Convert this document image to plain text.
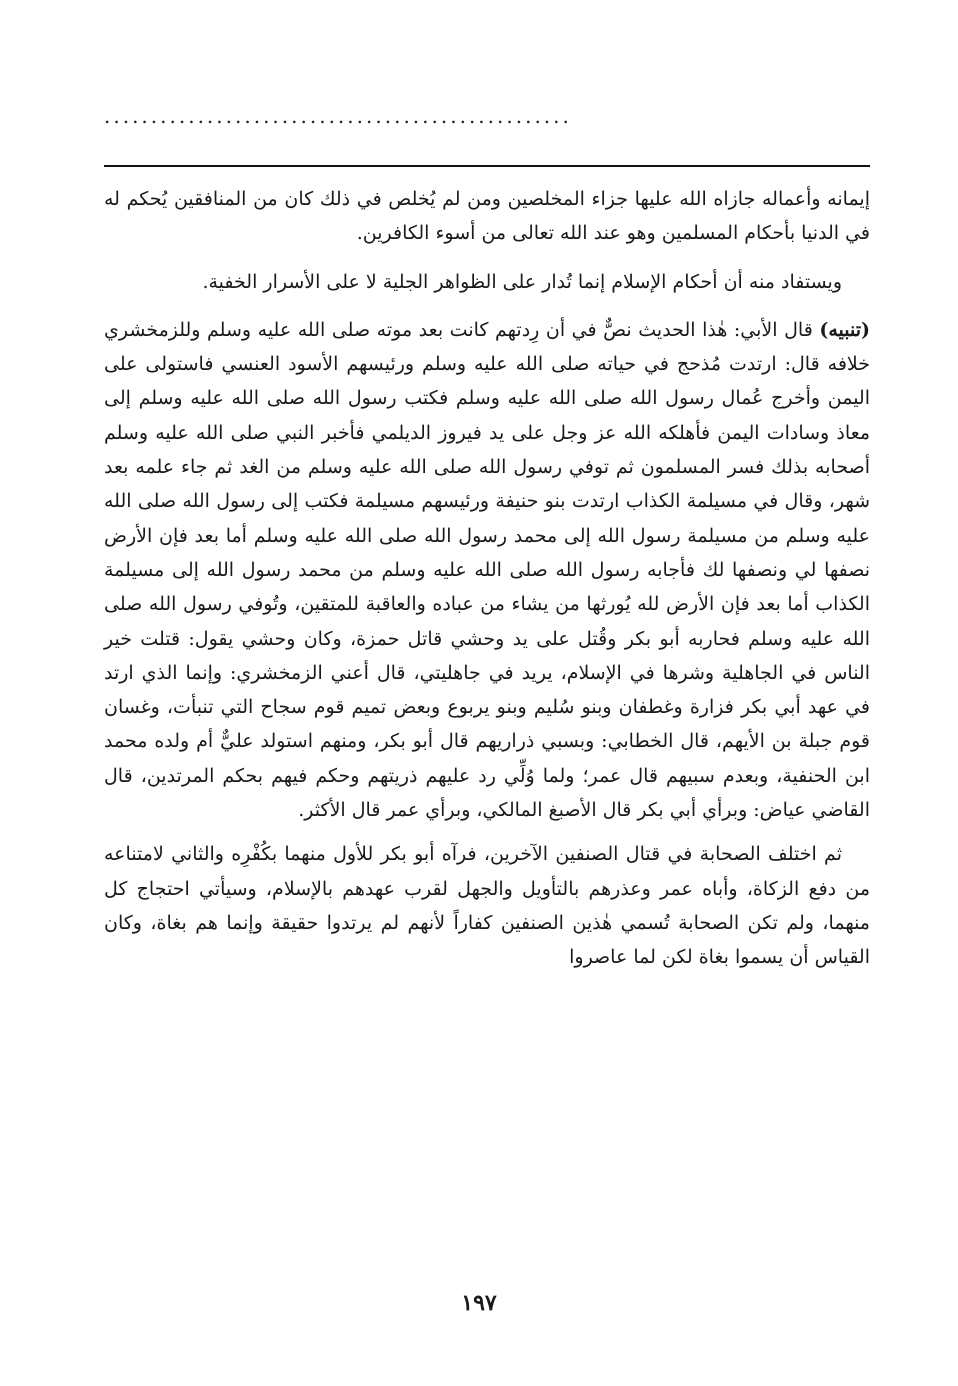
..................................................

إيمانه وأعماله جازاه الله عليها جزاء المخلصين ومن لم يُخلص في ذلك كان من المنافقين يُحكم له في الدنيا بأحكام المسلمين وهو عند الله تعالى من أسوء الكافرين.

ويستفاد منه أن أحكام الإسلام إنما تُدار على الظواهر الجلية لا على الأسرار الخفية.

(تنبيه) قال الأبي: هٰذا الحديث نصٌّ في أن رِدتهم كانت بعد موته صلى الله عليه وسلم وللزمخشري خلافه قال: ارتدت مُذحج في حياته صلى الله عليه وسلم ورئيسهم الأسود العنسي فاستولى على اليمن وأخرج عُمال رسول الله صلى الله عليه وسلم فكتب رسول الله صلى الله عليه وسلم إلى معاذ وسادات اليمن فأهلكه الله عز وجل على يد فيروز الديلمي فأخبر النبي صلى الله عليه وسلم أصحابه بذلك فسر المسلمون ثم توفي رسول الله صلى الله عليه وسلم من الغد ثم جاء علمه بعد شهر، وقال في مسيلمة الكذاب ارتدت بنو حنيفة ورئيسهم مسيلمة فكتب إلى رسول الله صلى الله عليه وسلم من مسيلمة رسول الله إلى محمد رسول الله صلى الله عليه وسلم أما بعد فإن الأرض نصفها لي ونصفها لك فأجابه رسول الله صلى الله عليه وسلم من محمد رسول الله إلى مسيلمة الكذاب أما بعد فإن الأرض لله يُورثها من يشاء من عباده والعاقبة للمتقين، وتُوفي رسول الله صلى الله عليه وسلم فحاربه أبو بكر وقُتل على يد وحشي قاتل حمزة، وكان وحشي يقول: قتلت خير الناس في الجاهلية وشرها في الإسلام، يريد في جاهليتي، قال أعني الزمخشري: وإنما الذي ارتد في عهد أبي بكر فزارة وغطفان وبنو سُليم وبنو يربوع وبعض تميم قوم سجاح التي تنبأت، وغسان قوم جبلة بن الأيهم، قال الخطابي: وبسبي ذراريهم قال أبو بكر، ومنهم استولد عليٌّ أم ولده محمد ابن الحنفية، وبعدم سبيهم قال عمر؛ ولما وُلِّي رد عليهم ذريتهم وحكم فيهم بحكم المرتدين، قال القاضي عياض: وبرأي أبي بكر قال الأصبغ المالكي، وبرأي عمر قال الأكثر.

ثم اختلف الصحابة في قتال الصنفين الآخرين، فرآه أبو بكر للأول منهما بكُفْرِه والثاني لامتناعه من دفع الزكاة، وأباه عمر وعذرهم بالتأويل والجهل لقرب عهدهم بالإسلام، وسيأتي احتجاج كل منهما، ولم تكن الصحابة تُسمي هٰذين الصنفين كفاراً لأنهم لم يرتدوا حقيقة وإنما هم بغاة، وكان القياس أن يسموا بغاة لكن لما عاصروا

١٩٧
